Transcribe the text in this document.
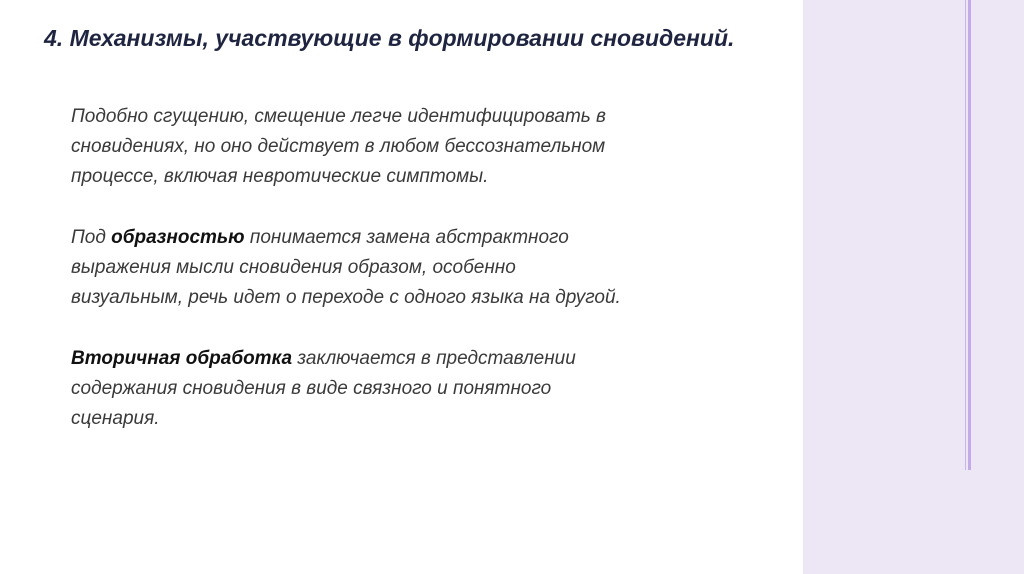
4. Механизмы, участвующие в формировании сновидений.

Подобно сгущению, смещение легче идентифицировать в
сновидениях, но оно действует в любом бессознательном
процессе, включая невротические симптомы.

Под образностью понимается замена абстрактного
выражения мысли сновидения образом, особенно
визуальным, речь идет о переходе с одного языка на другой.

Вторичная обработка заключается в представлении
содержания сновидения в виде связного и понятного
сценария.
